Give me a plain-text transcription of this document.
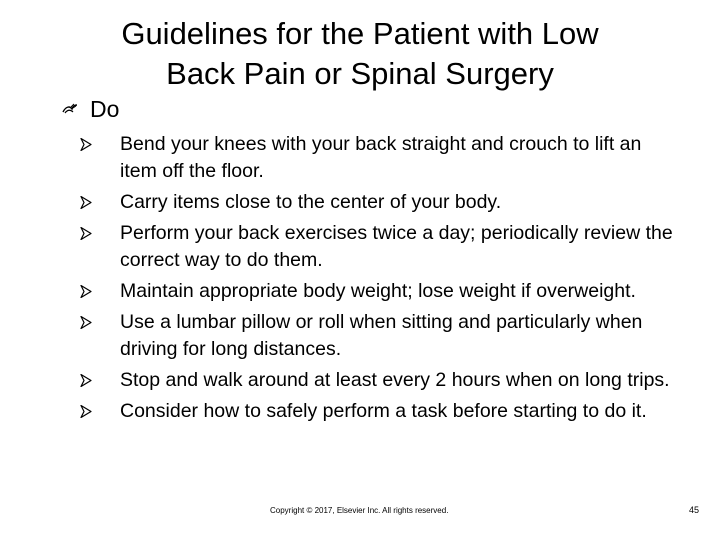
Guidelines for the Patient with Low
Back Pain or Spinal Surgery
Do
Bend your knees with your back straight and crouch to lift an item off the floor.
Carry items close to the center of your body.
Perform your back exercises twice a day; periodically review the correct way to do them.
Maintain appropriate body weight; lose weight if overweight.
Use a lumbar pillow or roll when sitting and particularly when driving for long distances.
Stop and walk around at least every 2 hours when on long trips.
Consider how to safely perform a task before starting to do it.
Copyright © 2017, Elsevier Inc. All rights reserved.	45
